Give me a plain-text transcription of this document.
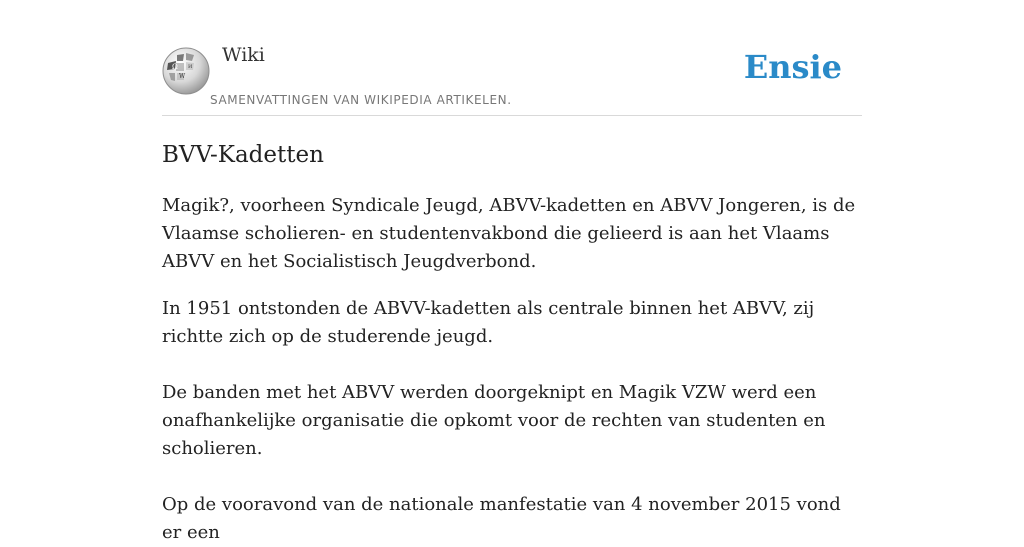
Ω
W
И
Wiki
SAMENVATTINGEN VAN WIKIPEDIA ARTIKELEN.
Ensie
BVV-Kadetten

Magik?, voorheen Syndicale Jeugd, ABVV-kadetten en ABVV Jongeren, is de Vlaamse scholieren- en studentenvakbond die gelieerd is aan het Vlaams ABVV en het Socialistisch Jeugdverbond.

In 1951 ontstonden de ABVV-kadetten als centrale binnen het ABVV, zij richtte zich op de studerende jeugd.

De banden met het ABVV werden doorgeknipt en Magik VZW werd een onafhankelijke organisatie die opkomt voor de rechten van studenten en scholieren.

Op de vooravond van de nationale manfestatie van 4 november 2015 vond er een
